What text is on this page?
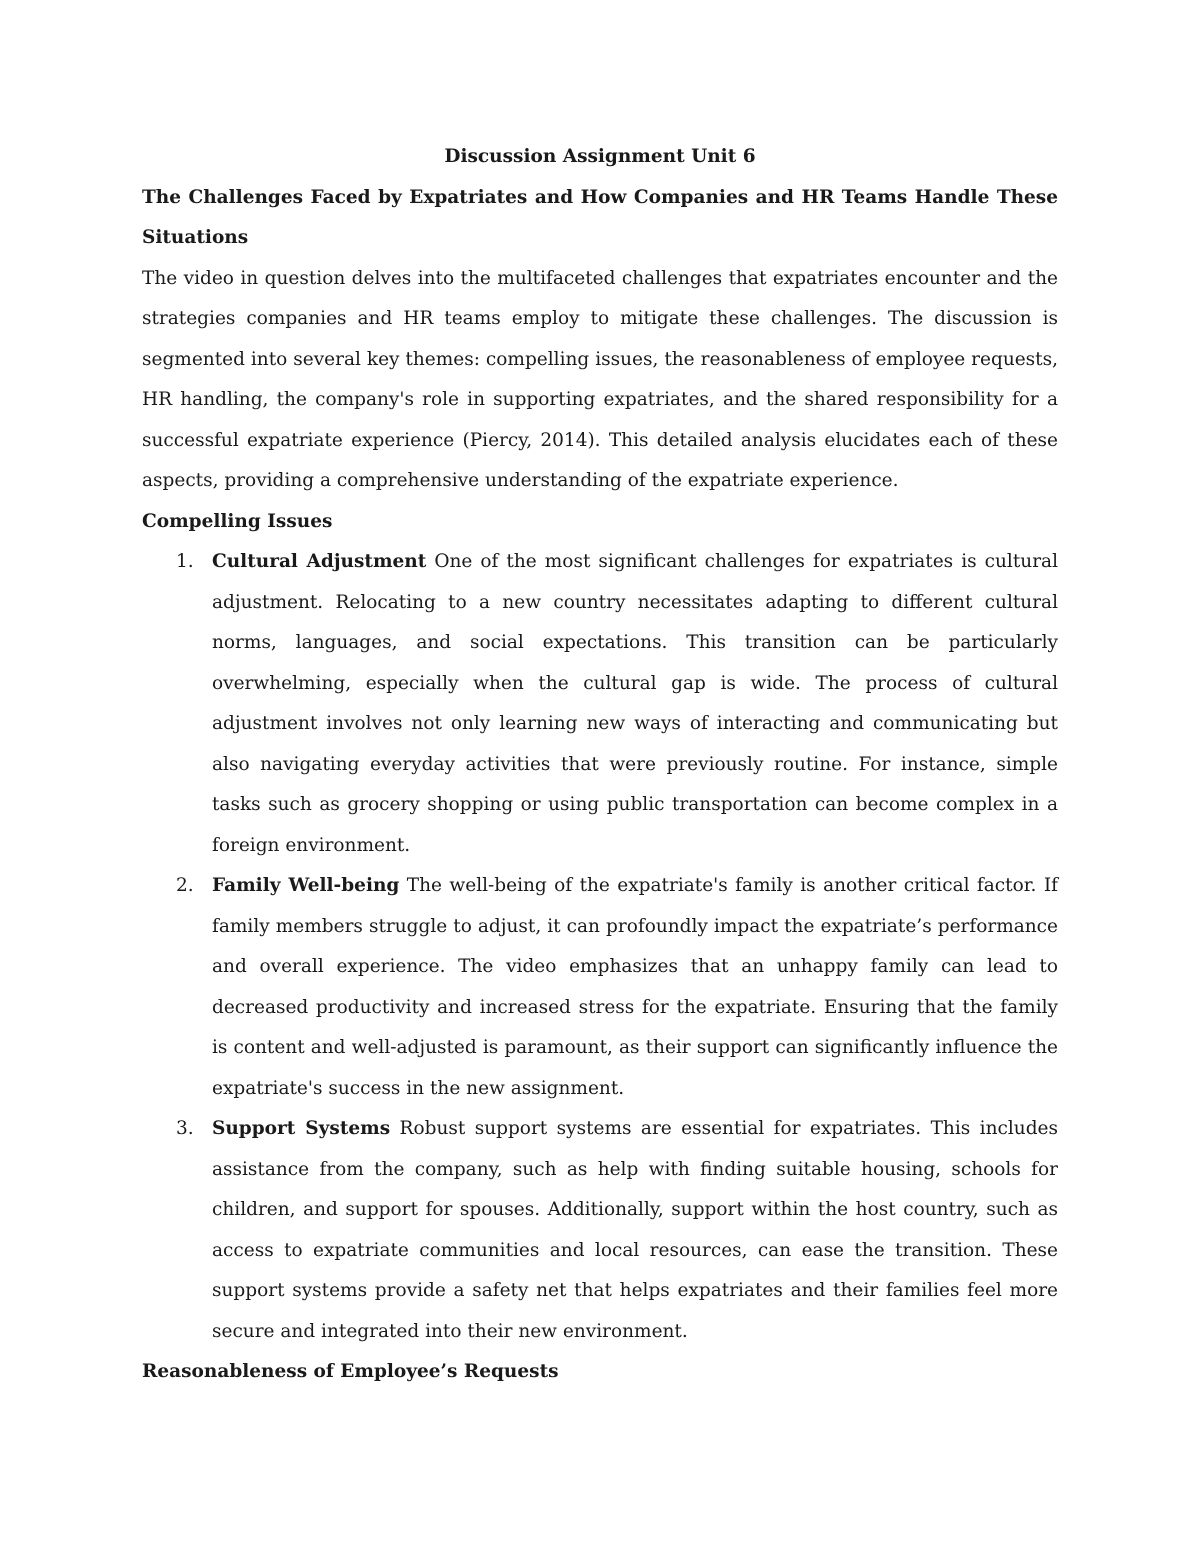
Discussion Assignment Unit 6

The Challenges Faced by Expatriates and How Companies and HR Teams Handle These Situations

The video in question delves into the multifaceted challenges that expatriates encounter and the strategies companies and HR teams employ to mitigate these challenges. The discussion is segmented into several key themes: compelling issues, the reasonableness of employee requests, HR handling, the company's role in supporting expatriates, and the shared responsibility for a successful expatriate experience (Piercy, 2014). This detailed analysis elucidates each of these aspects, providing a comprehensive understanding of the expatriate experience.

Compelling Issues

1. Cultural Adjustment One of the most significant challenges for expatriates is cultural adjustment. Relocating to a new country necessitates adapting to different cultural norms, languages, and social expectations. This transition can be particularly overwhelming, especially when the cultural gap is wide. The process of cultural adjustment involves not only learning new ways of interacting and communicating but also navigating everyday activities that were previously routine. For instance, simple tasks such as grocery shopping or using public transportation can become complex in a foreign environment.
2. Family Well-being The well-being of the expatriate's family is another critical factor. If family members struggle to adjust, it can profoundly impact the expatriate’s performance and overall experience. The video emphasizes that an unhappy family can lead to decreased productivity and increased stress for the expatriate. Ensuring that the family is content and well-adjusted is paramount, as their support can significantly influence the expatriate's success in the new assignment.
3. Support Systems Robust support systems are essential for expatriates. This includes assistance from the company, such as help with finding suitable housing, schools for children, and support for spouses. Additionally, support within the host country, such as access to expatriate communities and local resources, can ease the transition. These support systems provide a safety net that helps expatriates and their families feel more secure and integrated into their new environment.

Reasonableness of Employee’s Requests
